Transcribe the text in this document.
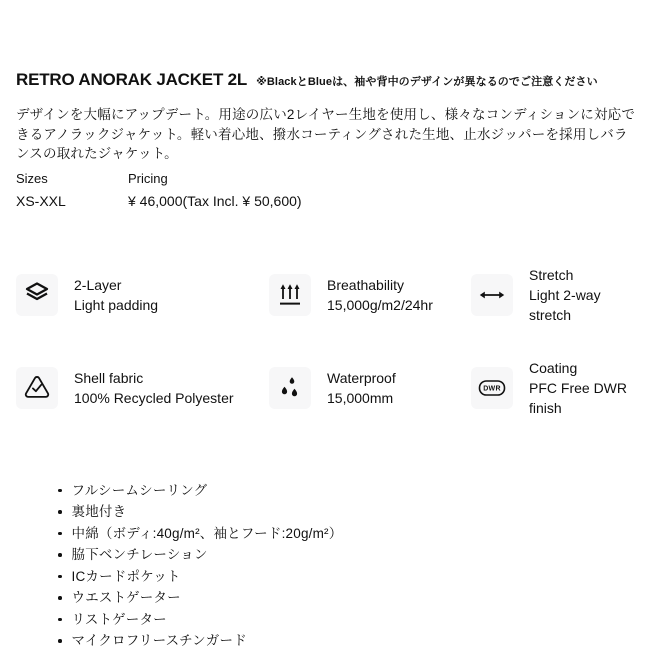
RETRO ANORAK JACKET 2L ※BlackとBlueは、袖や背中のデザインが異なるのでご注意ください

デザインを大幅にアップデート。用途の広い2レイヤー生地を使用し、様々なコンディションに対応できるアノラックジャケット。軽い着心地、撥水コーティングされた生地、止水ジッパーを採用しバランスの取れたジャケット。

Sizes
XS-XXL
Pricing
¥ 46,000(Tax Incl. ¥ 50,600)
2-Layer
Light padding
Breathability
15,000g/m2/24hr
Stretch
Light 2-way stretch
Shell fabric
100% Recycled Polyester
Waterproof
15,000mm
DWR
Coating
PFC Free DWR finish
フルシームシーリング
裏地付き
中綿（ボディ:40g/m²、袖とフード:20g/m²）
脇下ベンチレーション
ICカードポケット
ウエストゲーター
リストゲーター
マイクロフリースチンガード
